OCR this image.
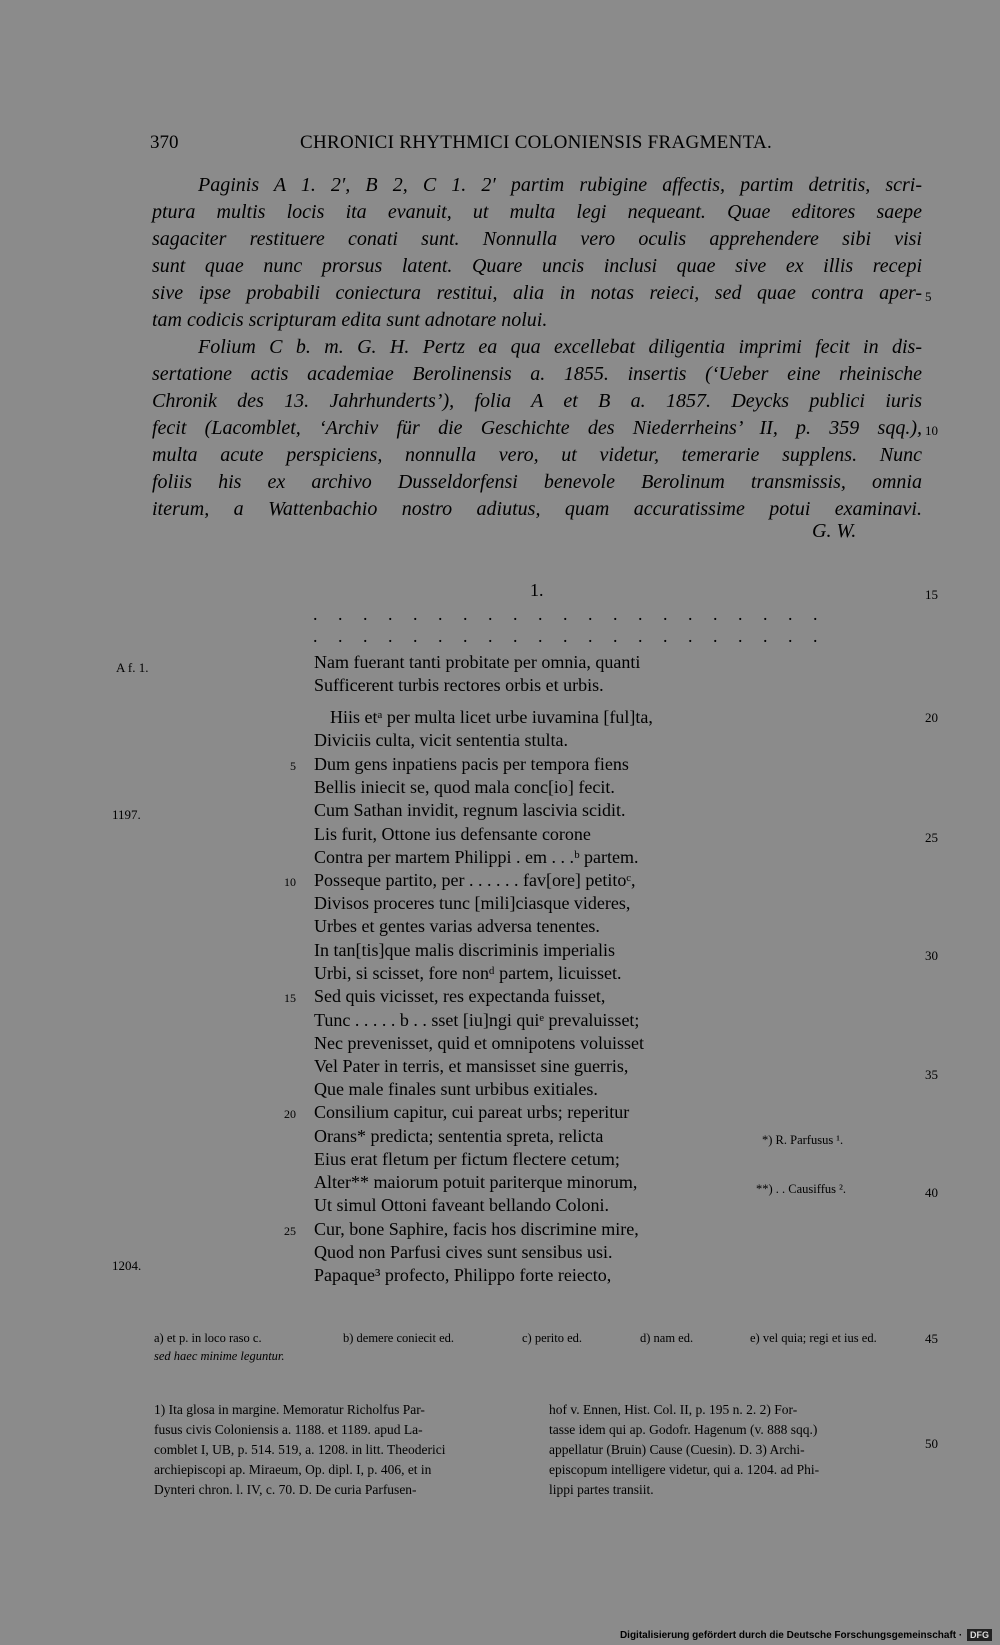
370	CHRONICI RHYTHMICI COLONIENSIS FRAGMENTA.
Paginis A 1. 2′, B 2, C 1. 2′ partim rubigine affectis, partim detritis, scri-
ptura multis locis ita evanuit, ut multa legi nequeant. Quae editores saepe
sagaciter restituere conati sunt. Nonnulla vero oculis apprehendere sibi visi
sunt quae nunc prorsus latent. Quare uncis inclusi quae sive ex illis recepi
sive ipse probabili coniectura restitui, alia in notas reieci, sed quae contra aper-
tam codicis scripturam edita sunt adnotare nolui.
Folium C b. m. G. H. Pertz ea qua excellebat diligentia imprimi fecit in dis-
sertatione actis academiae Berolinensis a. 1855. insertis (‘Ueber eine rheinische
Chronik des 13. Jahrhunderts’), folia A et B a. 1857. Deycks publici iuris
fecit (Lacomblet, ‘Archiv für die Geschichte des Niederrheins’ II, p. 359 sqq.),
multa acute perspiciens, nonnulla vero, ut videtur, temerarie supplens. Nunc
foliis his ex archivo Dusseldorfensi benevole Berolinum transmissis, omnia
iterum, a Wattenbachio nostro adiutus, quam accuratissime potui examinavi.
G. W.
5
10
15
20
25
30
35
40
45
50
1.
. . . . . . . . . . . . . . . . . . . . .
. . . . . . . . . . . . . . . . . . . . .
A f. 1.
1197.
1204.
Nam fuerant tanti probitate per omnia, quanti
Sufficerent turbis rectores orbis et urbis.
Hiis etᵃ per multa licet urbe iuvamina [ful]ta,
Diviciis culta, vicit sententia stulta.
Dum gens inpatiens pacis per tempora fiens
Bellis iniecit se, quod mala conc[io] fecit.
Cum Sathan invidit, regnum lascivia scidit.
Lis furit, Ottone ius defensante corone
Contra per martem Philippi . em . . .ᵇ partem.
Posseque partito, per . . . . . . fav[ore] petitoᶜ,
Divisos proceres tunc [mili]ciasque videres,
Urbes et gentes varias adversa tenentes.
In tan[tis]que malis discriminis imperialis
Urbi, si scisset, fore nonᵈ partem, licuisset.
Sed quis vicisset, res expectanda fuisset,
Tunc . . . . . b . . sset [iu]ngi quiᵉ prevaluisset;
Nec prevenisset, quid et omnipotens voluisset
Vel Pater in terris, et mansisset sine guerris,
Que male finales sunt urbibus exitiales.
Consilium capitur, cui pareat urbs; reperitur
Orans* predicta; sententia spreta, relicta
Eius erat fletum per fictum flectere cetum;
Alter** maiorum potuit pariterque minorum,
Ut simul Ottoni faveant bellando Coloni.
Cur, bone Saphire, facis hos discrimine mire,
Quod non Parfusi cives sunt sensibus usi.
Papaque³ profecto, Philippo forte reiecto,
5
10
15
20
25
*) R. Parfusus ¹.
**) . . Causiffus ².
a) et p. in loco raso c.
sed haec minime leguntur.
b) demere coniecit ed.	c) perito ed.	d) nam ed.	e) vel quia; regi et ius ed.
1) Ita glosa in margine. Memoratur Richolfus Par-
fusus civis Coloniensis a. 1188. et 1189. apud La-
comblet I, UB, p. 514. 519, a. 1208. in litt. Theoderici
archiepiscopi ap. Miraeum, Op. dipl. I, p. 406, et in
Dynteri chron. l. IV, c. 70. D. De curia Parfusen-
hof v. Ennen, Hist. Col. II, p. 195 n. 2. 2) For-
tasse idem qui ap. Godofr. Hagenum (v. 888 sqq.)
appellatur (Bruin) Cause (Cuesin). D. 3) Archi-
episcopum intelligere videtur, qui a. 1204. ad Phi-
lippi partes transiit.
Digitalisierung gefördert durch die Deutsche Forschungsgemeinschaft · DFG
